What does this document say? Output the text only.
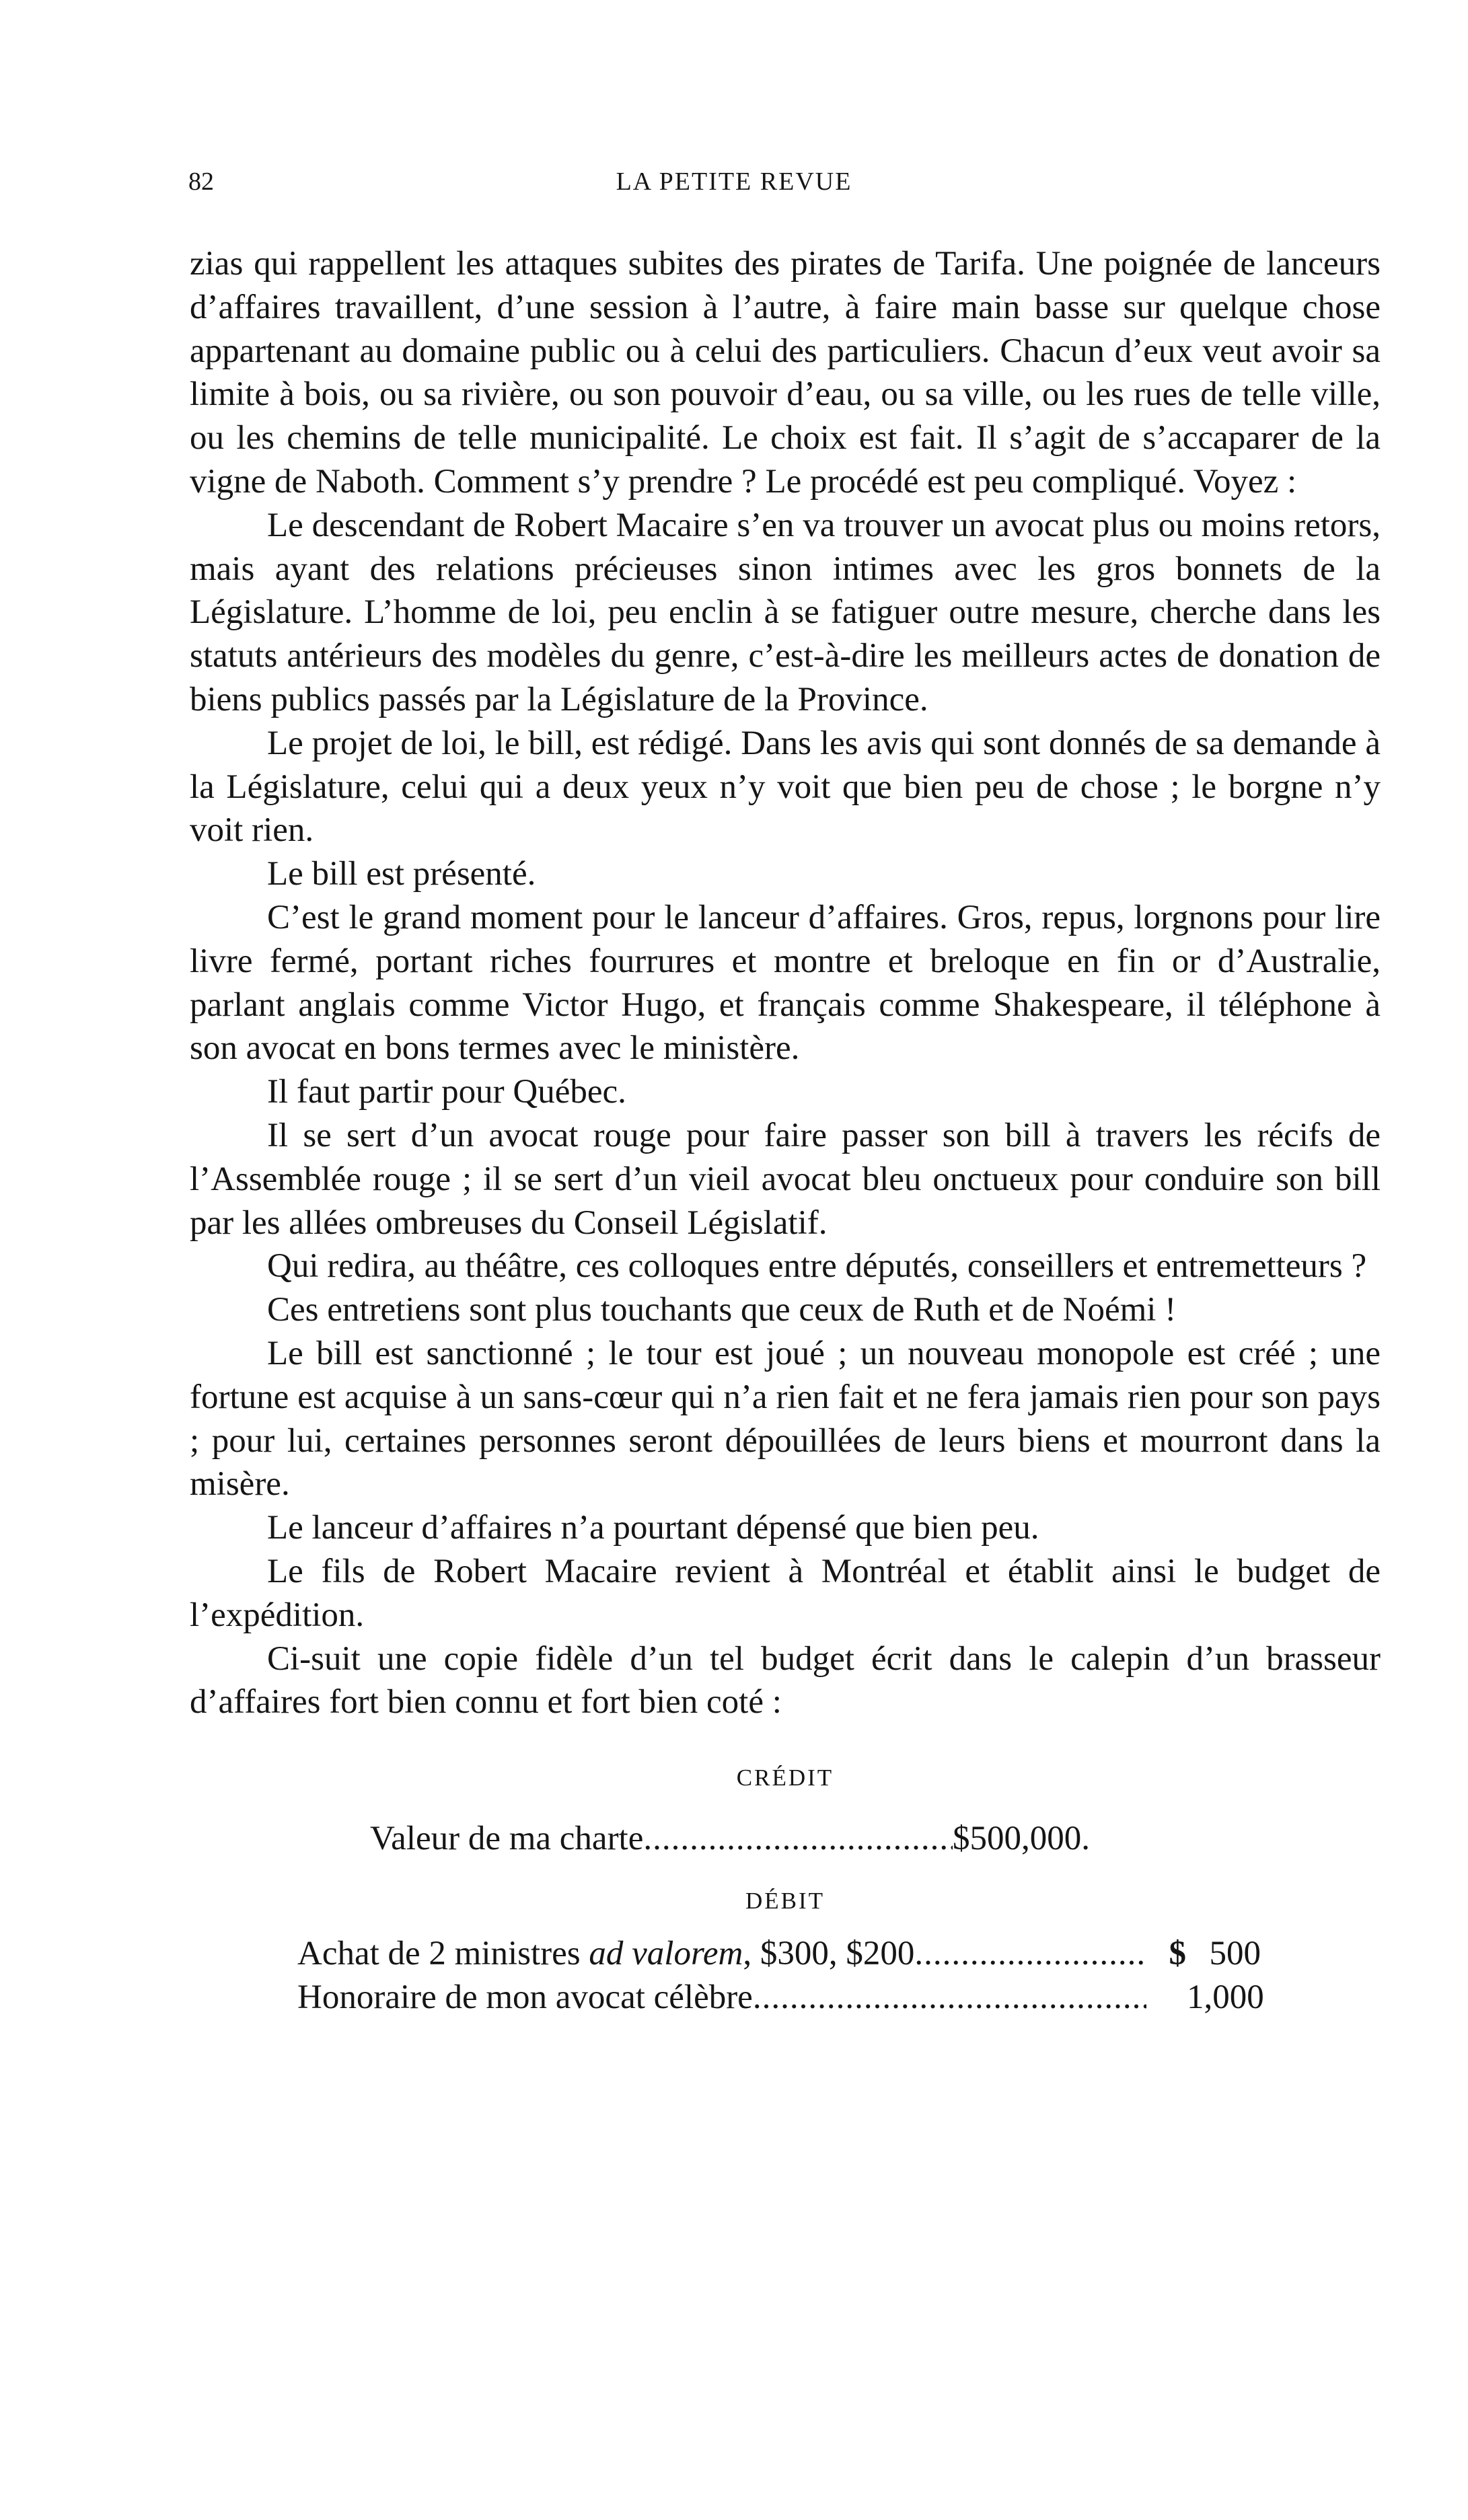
82	LA PETITE REVUE

zias qui rappellent les attaques subites des pirates de Tarifa. Une poignée de lanceurs d’affaires travaillent, d’une session à l’autre, à faire main basse sur quelque chose appartenant au domaine public ou à celui des particuliers. Chacun d’eux veut avoir sa limite à bois, ou sa rivière, ou son pouvoir d’eau, ou sa ville, ou les rues de telle ville, ou les chemins de telle municipalité. Le choix est fait. Il s’agit de s’accaparer de la vigne de Naboth. Comment s’y prendre ? Le procédé est peu compliqué. Voyez :

Le descendant de Robert Macaire s’en va trouver un avocat plus ou moins retors, mais ayant des relations précieuses sinon intimes avec les gros bonnets de la Législature. L’homme de loi, peu enclin à se fatiguer outre mesure, cherche dans les statuts antérieurs des modèles du genre, c’est-à-dire les meilleurs actes de donation de biens publics passés par la Législature de la Province.

Le projet de loi, le bill, est rédigé. Dans les avis qui sont donnés de sa demande à la Législature, celui qui a deux yeux n’y voit que bien peu de chose ; le borgne n’y voit rien.

Le bill est présenté.

C’est le grand moment pour le lanceur d’affaires. Gros, repus, lorgnons pour lire livre fermé, portant riches fourrures et montre et breloque en fin or d’Australie, parlant anglais comme Victor Hugo, et français comme Shakespeare, il téléphone à son avocat en bons termes avec le ministère.

Il faut partir pour Québec.

Il se sert d’un avocat rouge pour faire passer son bill à travers les récifs de l’Assemblée rouge ; il se sert d’un vieil avocat bleu onctueux pour conduire son bill par les allées ombreuses du Conseil Législatif.

Qui redira, au théâtre, ces colloques entre députés, conseillers et entremetteurs ?

Ces entretiens sont plus touchants que ceux de Ruth et de Noémi !

Le bill est sanctionné ; le tour est joué ; un nouveau monopole est créé ; une fortune est acquise à un sans-cœur qui n’a rien fait et ne fera jamais rien pour son pays ; pour lui, certaines personnes seront dépouillées de leurs biens et mourront dans la misère.

Le lanceur d’affaires n’a pourtant dépensé que bien peu.

Le fils de Robert Macaire revient à Montréal et établit ainsi le budget de l’expédition.

Ci-suit une copie fidèle d’un tel budget écrit dans le calepin d’un brasseur d’affaires fort bien connu et fort bien coté :

CRÉDIT
Valeur de ma charte .....	$500,000.
DÉBIT
Achat de 2 ministres ad valorem, $300, $200 .....	$ 500
Honoraire de mon avocat célèbre .....	1,000
